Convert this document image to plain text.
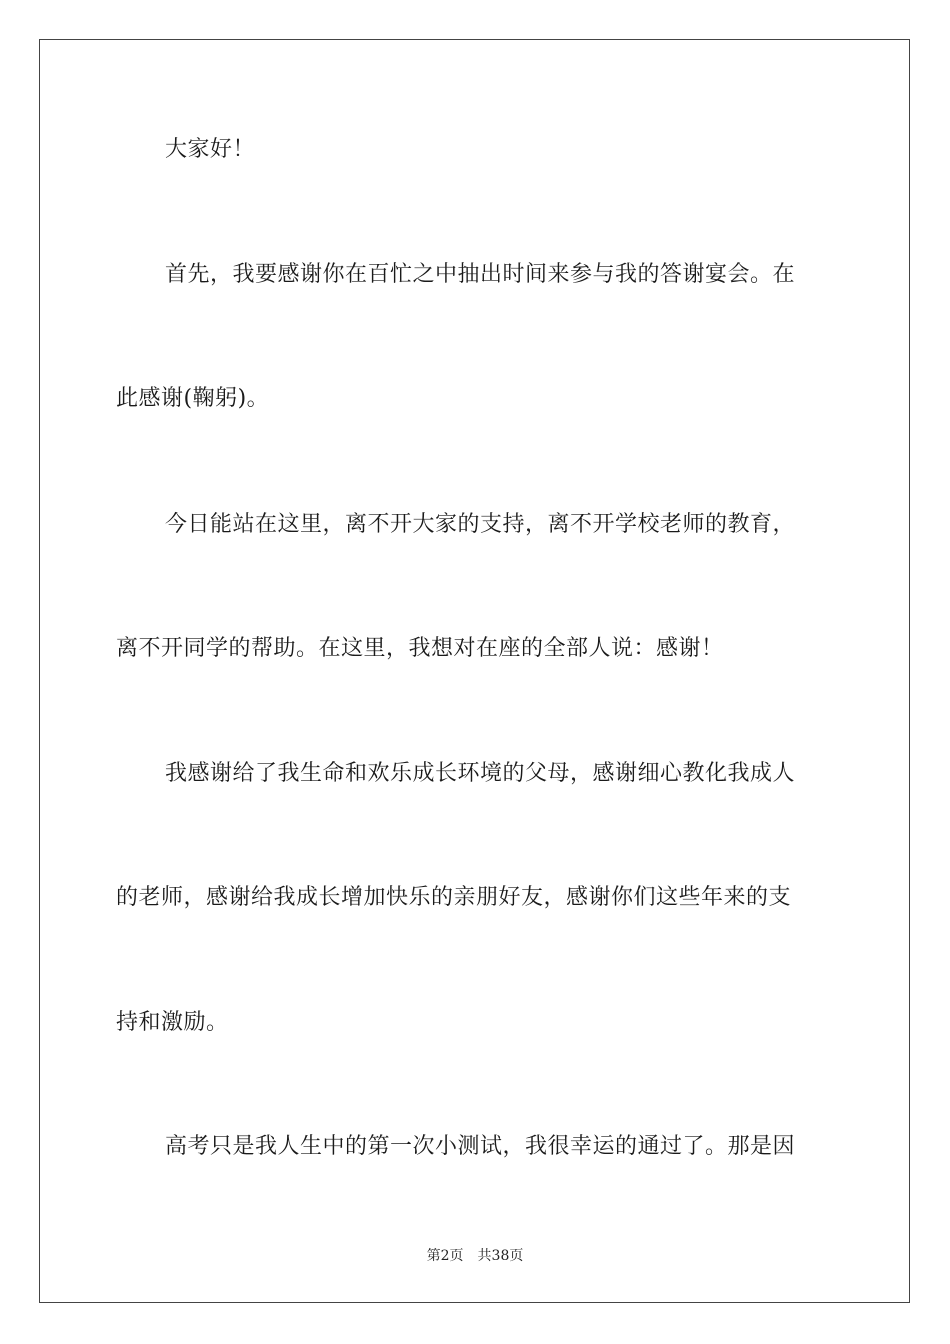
大家好！
首先，我要感谢你在百忙之中抽出时间来参与我的答谢宴会。在
此感谢(鞠躬)。
今日能站在这里，离不开大家的支持，离不开学校老师的教育，
离不开同学的帮助。在这里，我想对在座的全部人说：感谢！
我感谢给了我生命和欢乐成长环境的父母，感谢细心教化我成人
的老师，感谢给我成长增加快乐的亲朋好友，感谢你们这些年来的支
持和激励。
高考只是我人生中的第一次小测试，我很幸运的通过了。那是因
第2页 共38页
